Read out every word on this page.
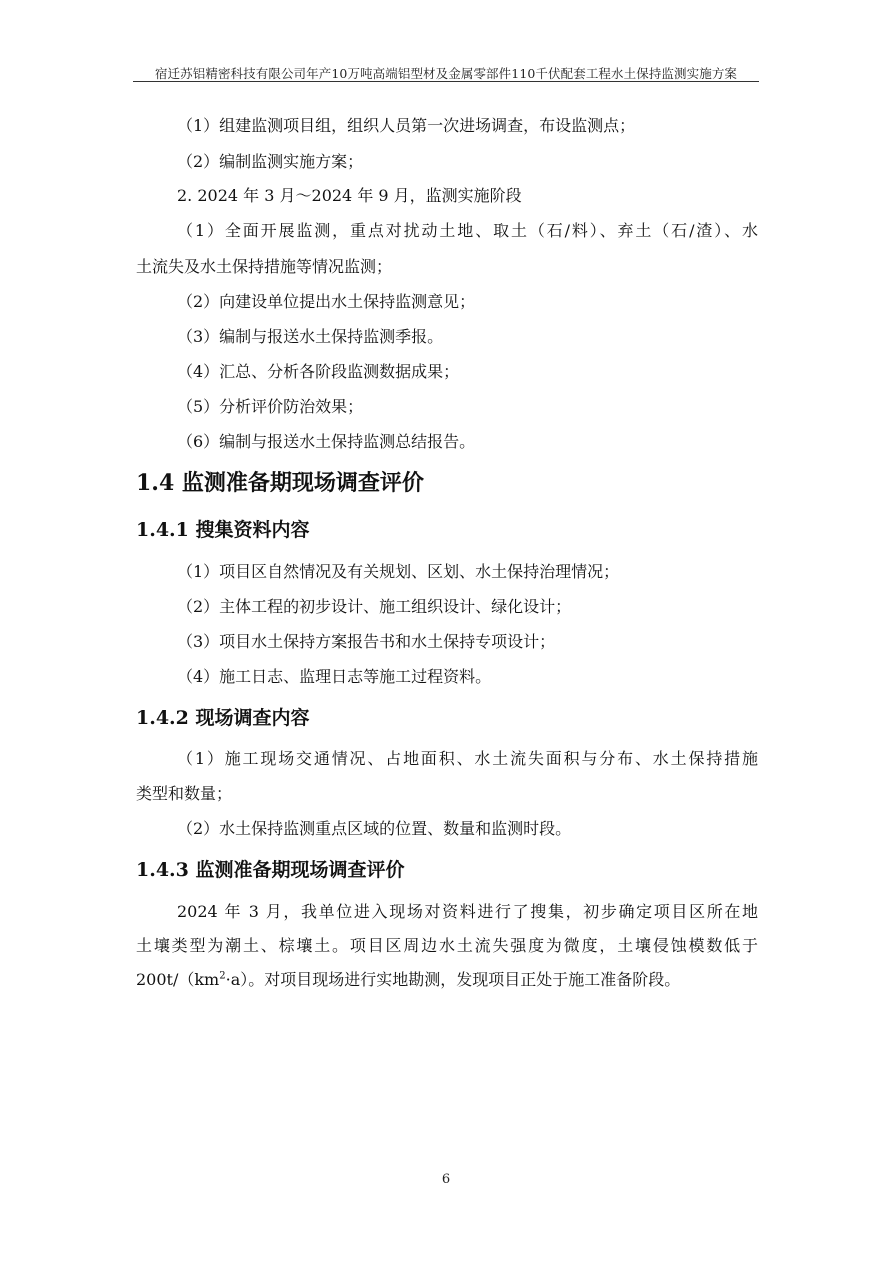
宿迁苏铝精密科技有限公司年产10万吨高端铝型材及金属零部件110千伏配套工程水土保持监测实施方案
（1）组建监测项目组，组织人员第一次进场调查，布设监测点；
（2）编制监测实施方案；
2. 2024 年 3 月～2024 年 9 月，监测实施阶段
（1）全面开展监测，重点对扰动土地、取土（石/料）、弃土（石/渣）、水
土流失及水土保持措施等情况监测；
（2）向建设单位提出水土保持监测意见；
（3）编制与报送水土保持监测季报。
（4）汇总、分析各阶段监测数据成果；
（5）分析评价防治效果；
（6）编制与报送水土保持监测总结报告。
1.4 监测准备期现场调查评价
1.4.1 搜集资料内容
（1）项目区自然情况及有关规划、区划、水土保持治理情况；
（2）主体工程的初步设计、施工组织设计、绿化设计；
（3）项目水土保持方案报告书和水土保持专项设计；
（4）施工日志、监理日志等施工过程资料。
1.4.2 现场调查内容
（1）施工现场交通情况、占地面积、水土流失面积与分布、水土保持措施
类型和数量；
（2）水土保持监测重点区域的位置、数量和监测时段。
1.4.3 监测准备期现场调查评价
2024 年 3 月，我单位进入现场对资料进行了搜集，初步确定项目区所在地
土壤类型为潮土、棕壤土。项目区周边水土流失强度为微度，土壤侵蚀模数低于
$200t/(km^2\cdot a)$。对项目现场进行实地勘测，发现项目正处于施工准备阶段。
6
